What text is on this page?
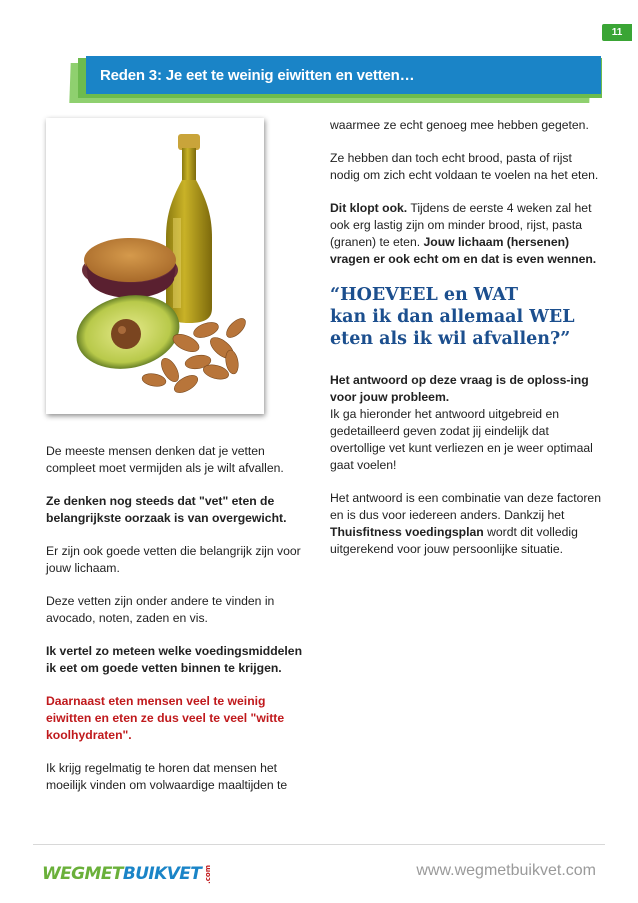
11
Reden 3: Je eet te weinig eiwitten en vetten…

De meeste mensen denken dat je vetten compleet moet vermijden als je wilt afvallen.

Ze denken nog steeds dat "vet" eten de belangrijkste oorzaak is van overgewicht.

Er zijn ook goede vetten die belangrijk zijn voor jouw lichaam.

Deze vetten zijn onder andere te vinden in avocado, noten, zaden en vis.

Ik vertel zo meteen welke voedingsmiddelen ik eet om goede vetten binnen te krijgen.

Daarnaast eten mensen veel te weinig eiwitten en eten ze dus veel te veel "witte koolhydraten".

Ik krijg regelmatig te horen dat mensen het moeilijk vinden om volwaardige maaltijden te

waarmee ze echt genoeg mee hebben gegeten.

Ze hebben dan toch echt brood, pasta of rijst nodig om zich echt voldaan te voelen na het eten.

Dit klopt ook. Tijdens de eerste 4 weken zal het ook erg lastig zijn om minder brood, rijst, pasta (granen) te eten. Jouw lichaam (hersenen) vragen er ook echt om en dat is even wennen.

“HOEVEEL en WAT
kan ik dan allemaal WEL
eten als ik wil afvallen?”

Het antwoord op deze vraag is de oploss-ing voor jouw probleem.
Ik ga hieronder het antwoord uitgebreid en gedetailleerd geven zodat jij eindelijk dat overtollige vet kunt verliezen en je weer optimaal gaat voelen!

Het antwoord is een combinatie van deze factoren en is dus voor iedereen anders. Dankzij het Thuisfitness voedingsplan wordt dit volledig uitgerekend voor jouw persoonlijke situatie.

WEGMET BUIKVET .com	www.wegmetbuikvet.com
